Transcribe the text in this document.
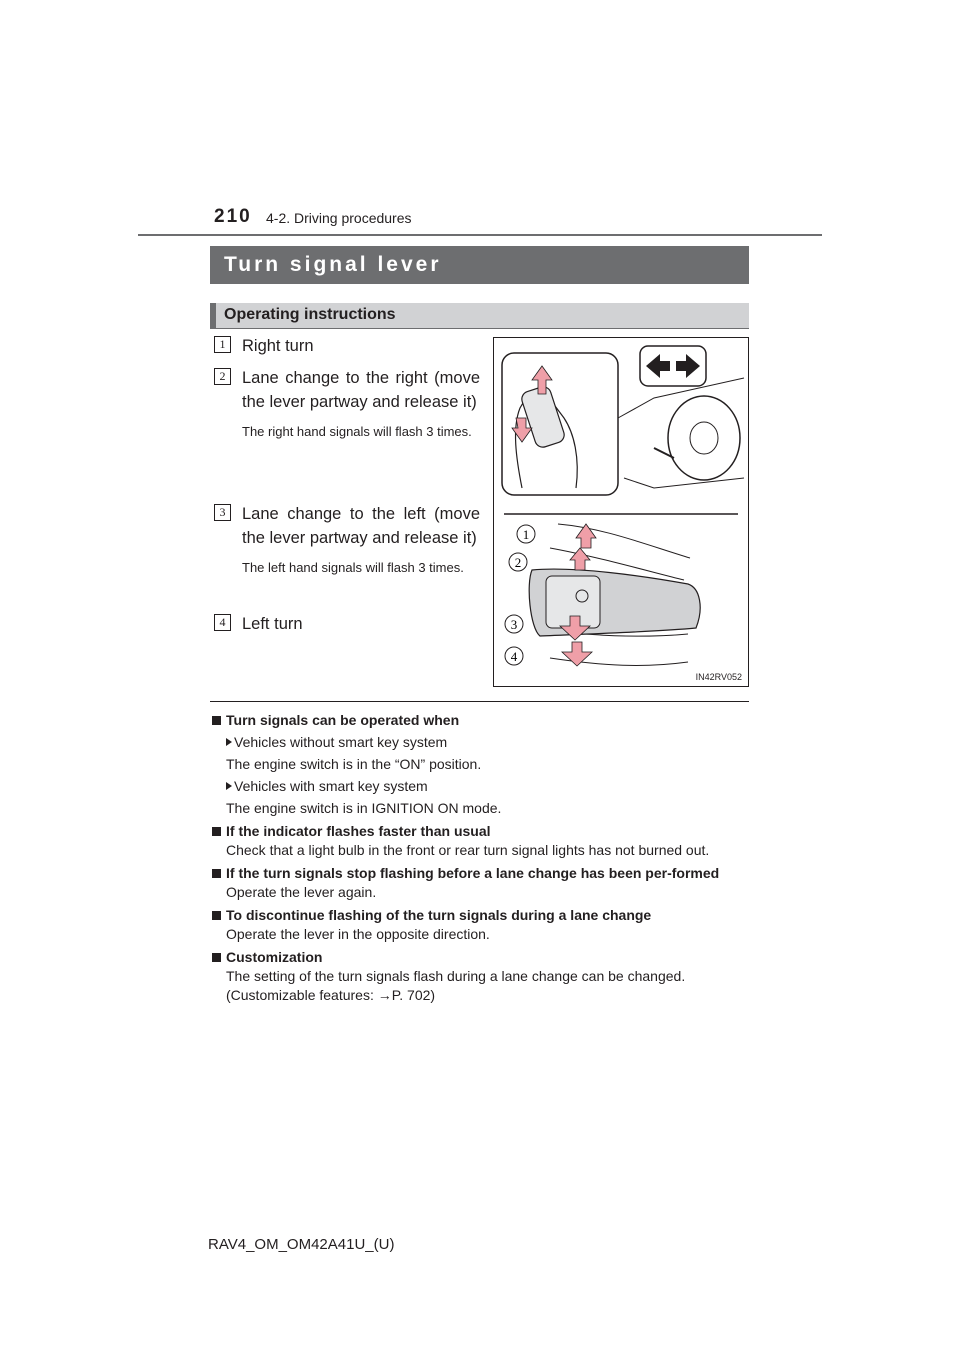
210 4-2. Driving procedures
Turn signal lever
Operating instructions
1	Right turn
2	Lane change to the right (move the lever partway and release it)
The right hand signals will flash 3 times.
3	Lane change to the left (move the lever partway and release it)
The left hand signals will flash 3 times.
4	Left turn
1
2
3
4
IN42RV052
Turn signals can be operated when
Vehicles without smart key system
The engine switch is in the “ON” position.
Vehicles with smart key system
The engine switch is in IGNITION ON mode.
If the indicator flashes faster than usual
Check that a light bulb in the front or rear turn signal lights has not burned out.
If the turn signals stop flashing before a lane change has been per-formed
Operate the lever again.
To discontinue flashing of the turn signals during a lane change
Operate the lever in the opposite direction.
Customization
The setting of the turn signals flash during a lane change can be changed.
(Customizable features: →P. 702)
RAV4_OM_OM42A41U_(U)
